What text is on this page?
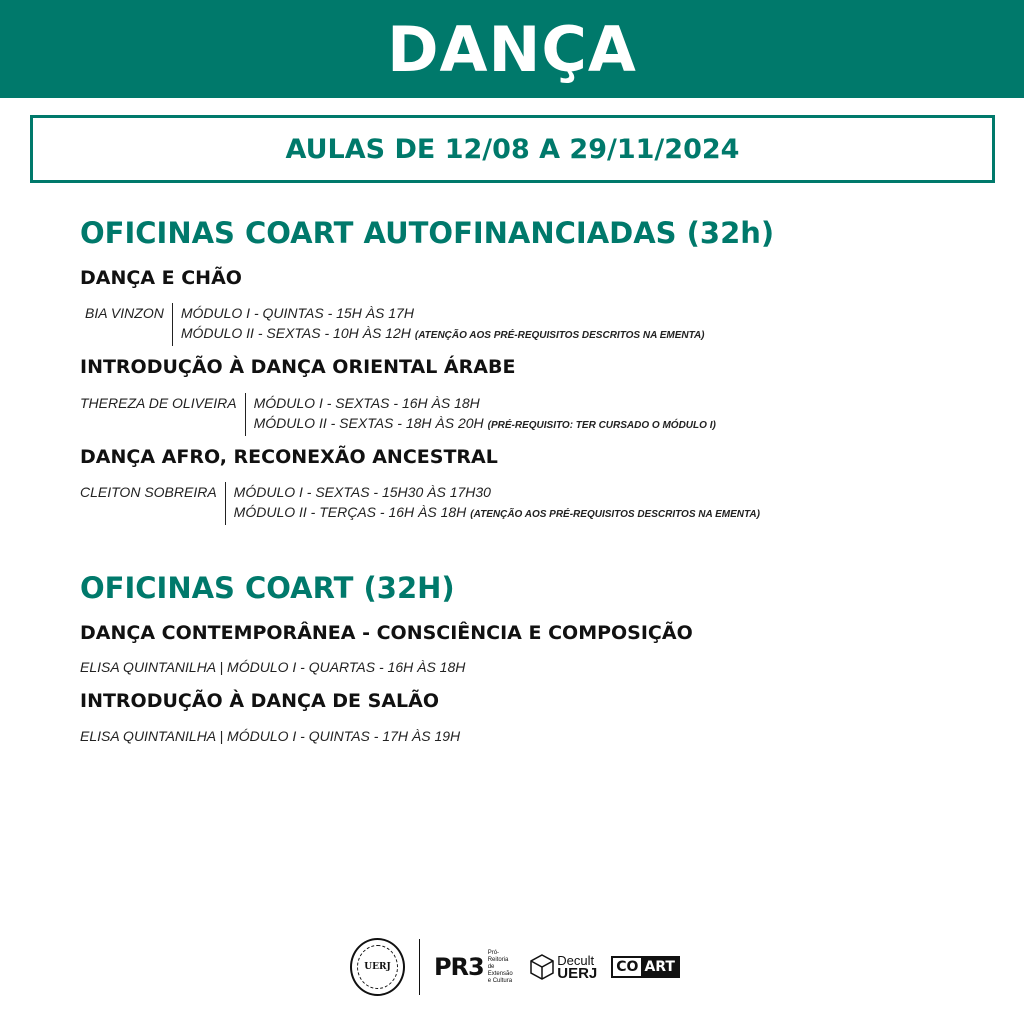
DANÇA
AULAS DE 12/08 A 29/11/2024
OFICINAS COART AUTOFINANCIADAS (32h)
DANÇA E CHÃO
BIA VINZON	MÓDULO I - QUINTAS - 15H ÀS 17H
MÓDULO II - SEXTAS - 10H ÀS 12H (ATENÇÃO AOS PRÉ-REQUISITOS DESCRITOS NA EMENTA)
INTRODUÇÃO À DANÇA ORIENTAL ÁRABE
THEREZA DE OLIVEIRA	MÓDULO I - SEXTAS - 16H ÀS 18H
MÓDULO II - SEXTAS - 18H ÀS 20H (PRÉ-REQUISITO: TER CURSADO O MÓDULO I)
DANÇA AFRO, RECONEXÃO ANCESTRAL
CLEITON SOBREIRA	MÓDULO I - SEXTAS - 15H30 ÀS 17H30
MÓDULO II - TERÇAS - 16H ÀS 18H (ATENÇÃO AOS PRÉ-REQUISITOS DESCRITOS NA EMENTA)
OFICINAS COART (32H)
DANÇA CONTEMPORÂNEA - CONSCIÊNCIA E COMPOSIÇÃO
ELISA QUINTANILHA | MÓDULO I - QUARTAS - 16H ÀS 18H
INTRODUÇÃO À DANÇA DE SALÃO
ELISA QUINTANILHA | MÓDULO I - QUINTAS - 17H ÀS 19H
UERJ PR3
Pró-Reitoria
de Extensão
e Cultura
Decult
UERJ CO ART
